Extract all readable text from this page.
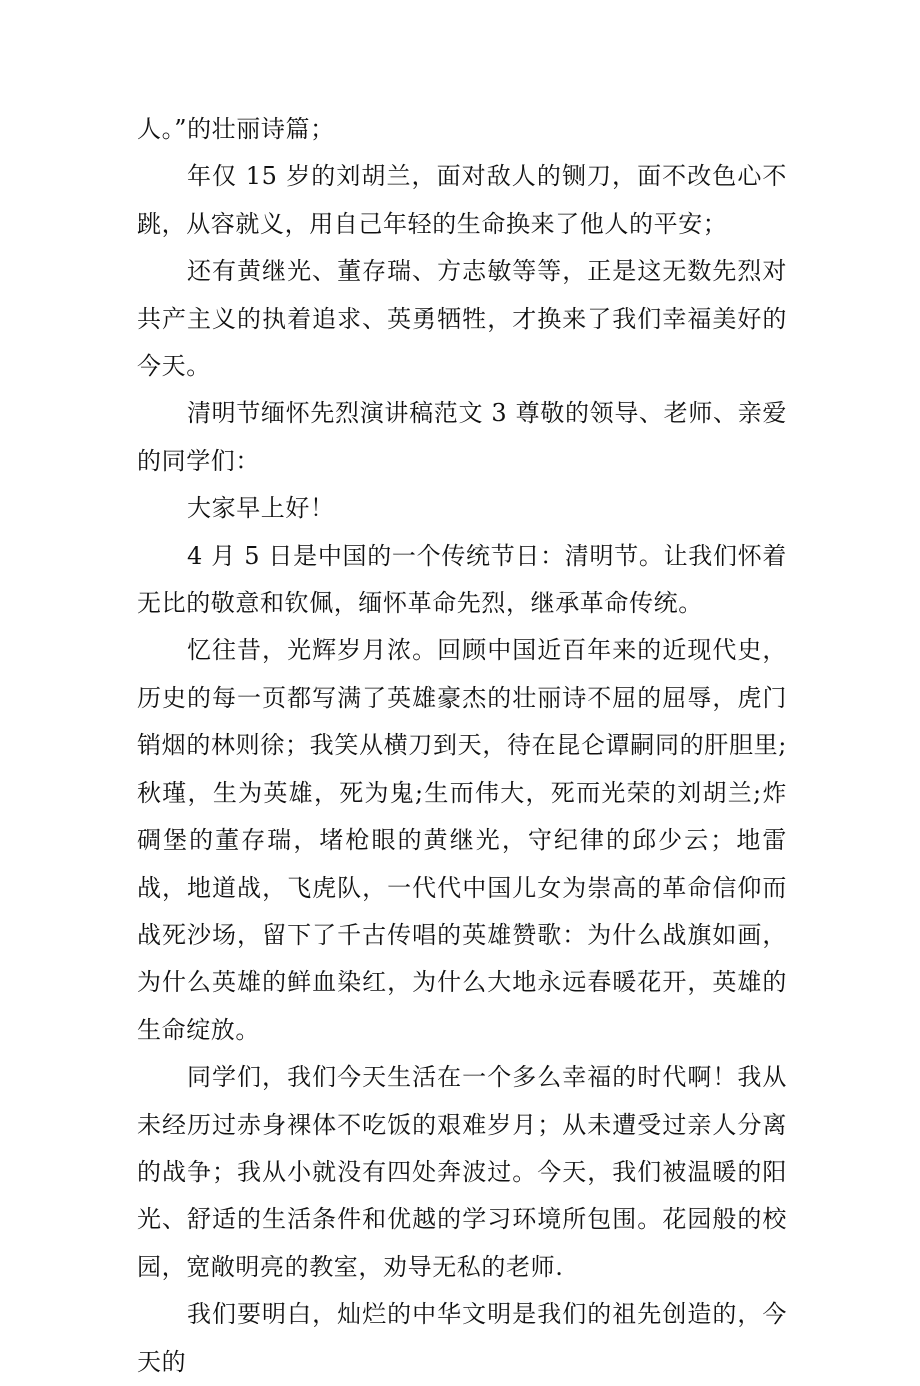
人。”的壮丽诗篇；

年仅 15 岁的刘胡兰，面对敌人的铡刀，面不改色心不跳，从容就义，用自己年轻的生命换来了他人的平安；

还有黄继光、董存瑞、方志敏等等，正是这无数先烈对共产主义的执着追求、英勇牺牲，才换来了我们幸福美好的今天。

清明节缅怀先烈演讲稿范文 3 尊敬的领导、老师、亲爱的同学们：

大家早上好！

4 月 5 日是中国的一个传统节日：清明节。让我们怀着无比的敬意和钦佩，缅怀革命先烈，继承革命传统。

忆往昔，光辉岁月浓。回顾中国近百年来的近现代史，历史的每一页都写满了英雄豪杰的壮丽诗不屈的屈辱，虎门销烟的林则徐；我笑从横刀到天，待在昆仑谭嗣同的肝胆里;秋瑾，生为英雄，死为鬼;生而伟大，死而光荣的刘胡兰;炸碉堡的董存瑞，堵枪眼的黄继光，守纪律的邱少云；地雷战，地道战，飞虎队，一代代中国儿女为崇高的革命信仰而战死沙场，留下了千古传唱的英雄赞歌：为什么战旗如画，为什么英雄的鲜血染红，为什么大地永远春暖花开，英雄的生命绽放。

同学们，我们今天生活在一个多么幸福的时代啊！我从未经历过赤身裸体不吃饭的艰难岁月；从未遭受过亲人分离的战争；我从小就没有四处奔波过。今天，我们被温暖的阳光、舒适的生活条件和优越的学习环境所包围。花园般的校园，宽敞明亮的教室，劝导无私的老师.

我们要明白，灿烂的中华文明是我们的祖先创造的，今天的
